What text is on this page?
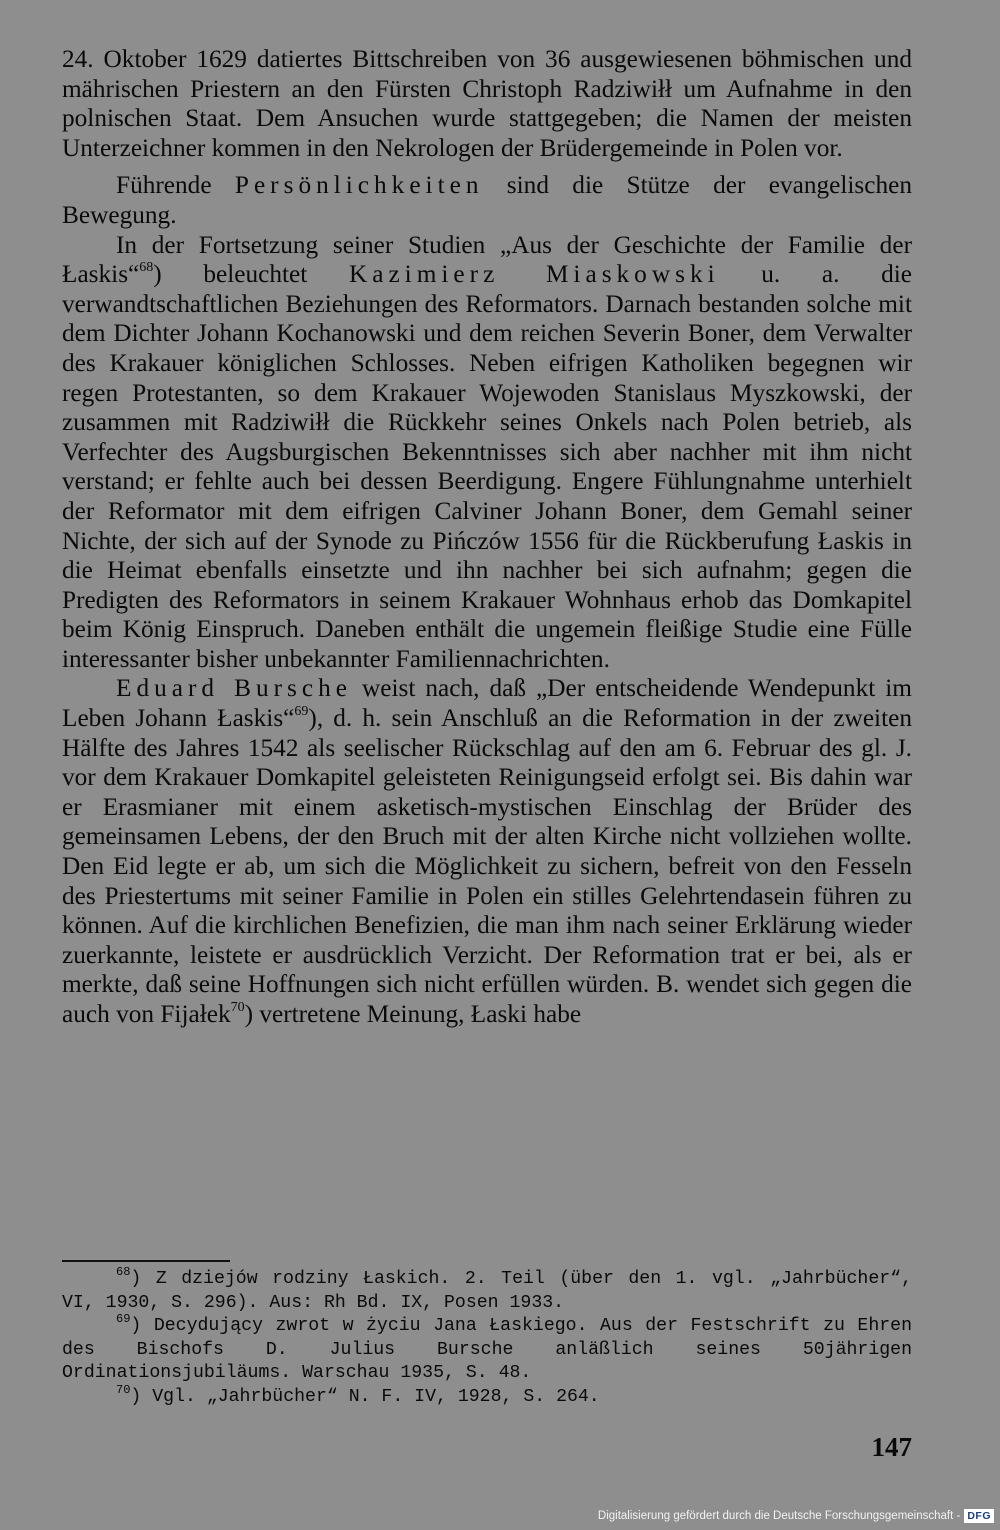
24. Oktober 1629 datiertes Bittschreiben von 36 ausgewiesenen böhmischen und mährischen Priestern an den Fürsten Christoph Radziwiłł um Aufnahme in den polnischen Staat. Dem Ansuchen wurde stattgegeben; die Namen der meisten Unterzeichner kommen in den Nekrologen der Brüdergemeinde in Polen vor.

Führende Persönlichkeiten sind die Stütze der evangelischen Bewegung.

In der Fortsetzung seiner Studien „Aus der Geschichte der Familie der Łaskis“$^{68}$) beleuchtet Kazimierz Miaskowski u. a. die verwandtschaftlichen Beziehungen des Reformators. Darnach bestanden solche mit dem Dichter Johann Kochanowski und dem reichen Severin Boner, dem Verwalter des Krakauer königlichen Schlosses. Neben eifrigen Katholiken begegnen wir regen Protestanten, so dem Krakauer Wojewoden Stanislaus Myszkowski, der zusammen mit Radziwiłł die Rückkehr seines Onkels nach Polen betrieb, als Verfechter des Augsburgischen Bekenntnisses sich aber nachher mit ihm nicht verstand; er fehlte auch bei dessen Beerdigung. Engere Fühlungnahme unterhielt der Reformator mit dem eifrigen Calviner Johann Boner, dem Gemahl seiner Nichte, der sich auf der Synode zu Pińczów 1556 für die Rückberufung Łaskis in die Heimat ebenfalls einsetzte und ihn nachher bei sich aufnahm; gegen die Predigten des Reformators in seinem Krakauer Wohnhaus erhob das Domkapitel beim König Einspruch. Daneben enthält die ungemein fleißige Studie eine Fülle interessanter bisher unbekannter Familiennachrichten.

Eduard Bursche weist nach, daß „Der entscheidende Wendepunkt im Leben Johann Łaskis“$^{69}$), d. h. sein Anschluß an die Reformation in der zweiten Hälfte des Jahres 1542 als seelischer Rückschlag auf den am 6. Februar des gl. J. vor dem Krakauer Domkapitel geleisteten Reinigungseid erfolgt sei. Bis dahin war er Erasmianer mit einem asketisch-mystischen Einschlag der Brüder des gemeinsamen Lebens, der den Bruch mit der alten Kirche nicht vollziehen wollte. Den Eid legte er ab, um sich die Möglichkeit zu sichern, befreit von den Fesseln des Priestertums mit seiner Familie in Polen ein stilles Gelehrtendasein führen zu können. Auf die kirchlichen Benefizien, die man ihm nach seiner Erklärung wieder zuerkannte, leistete er ausdrücklich Verzicht. Der Reformation trat er bei, als er merkte, daß seine Hoffnungen sich nicht erfüllen würden. B. wendet sich gegen die auch von Fijałek$^{70}$) vertretene Meinung, Łaski habe

$^{68}$) Z dziejów rodziny Łaskich. 2. Teil (über den 1. vgl. „Jahrbücher“, VI, 1930, S. 296). Aus: Rh Bd. IX, Posen 1933.

$^{69}$) Decydujący zwrot w życiu Jana Łaskiego. Aus der Festschrift zu Ehren des Bischofs D. Julius Bursche anläßlich seines 50jährigen Ordinationsjubiläums. Warschau 1935, S. 48.

$^{70}$) Vgl. „Jahrbücher“ N. F. IV, 1928, S. 264.

147
Digitalisierung gefördert durch die Deutsche Forschungsgemeinschaft - DFG
